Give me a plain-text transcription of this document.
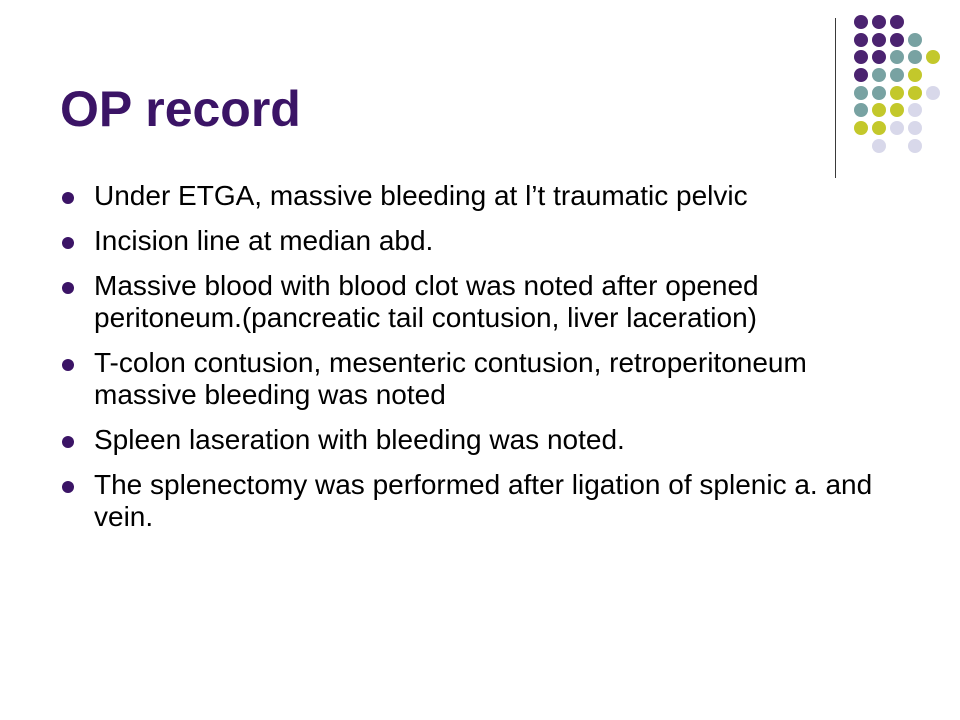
OP record
Under ETGA, massive bleeding at l’t traumatic pelvic
Incision line at median abd.
Massive blood with blood clot was noted after opened peritoneum.(pancreatic tail contusion, liver laceration)
T-colon contusion, mesenteric contusion, retroperitoneum massive bleeding was noted
Spleen laseration with bleeding was noted.
The splenectomy was performed after ligation of splenic a. and vein.
